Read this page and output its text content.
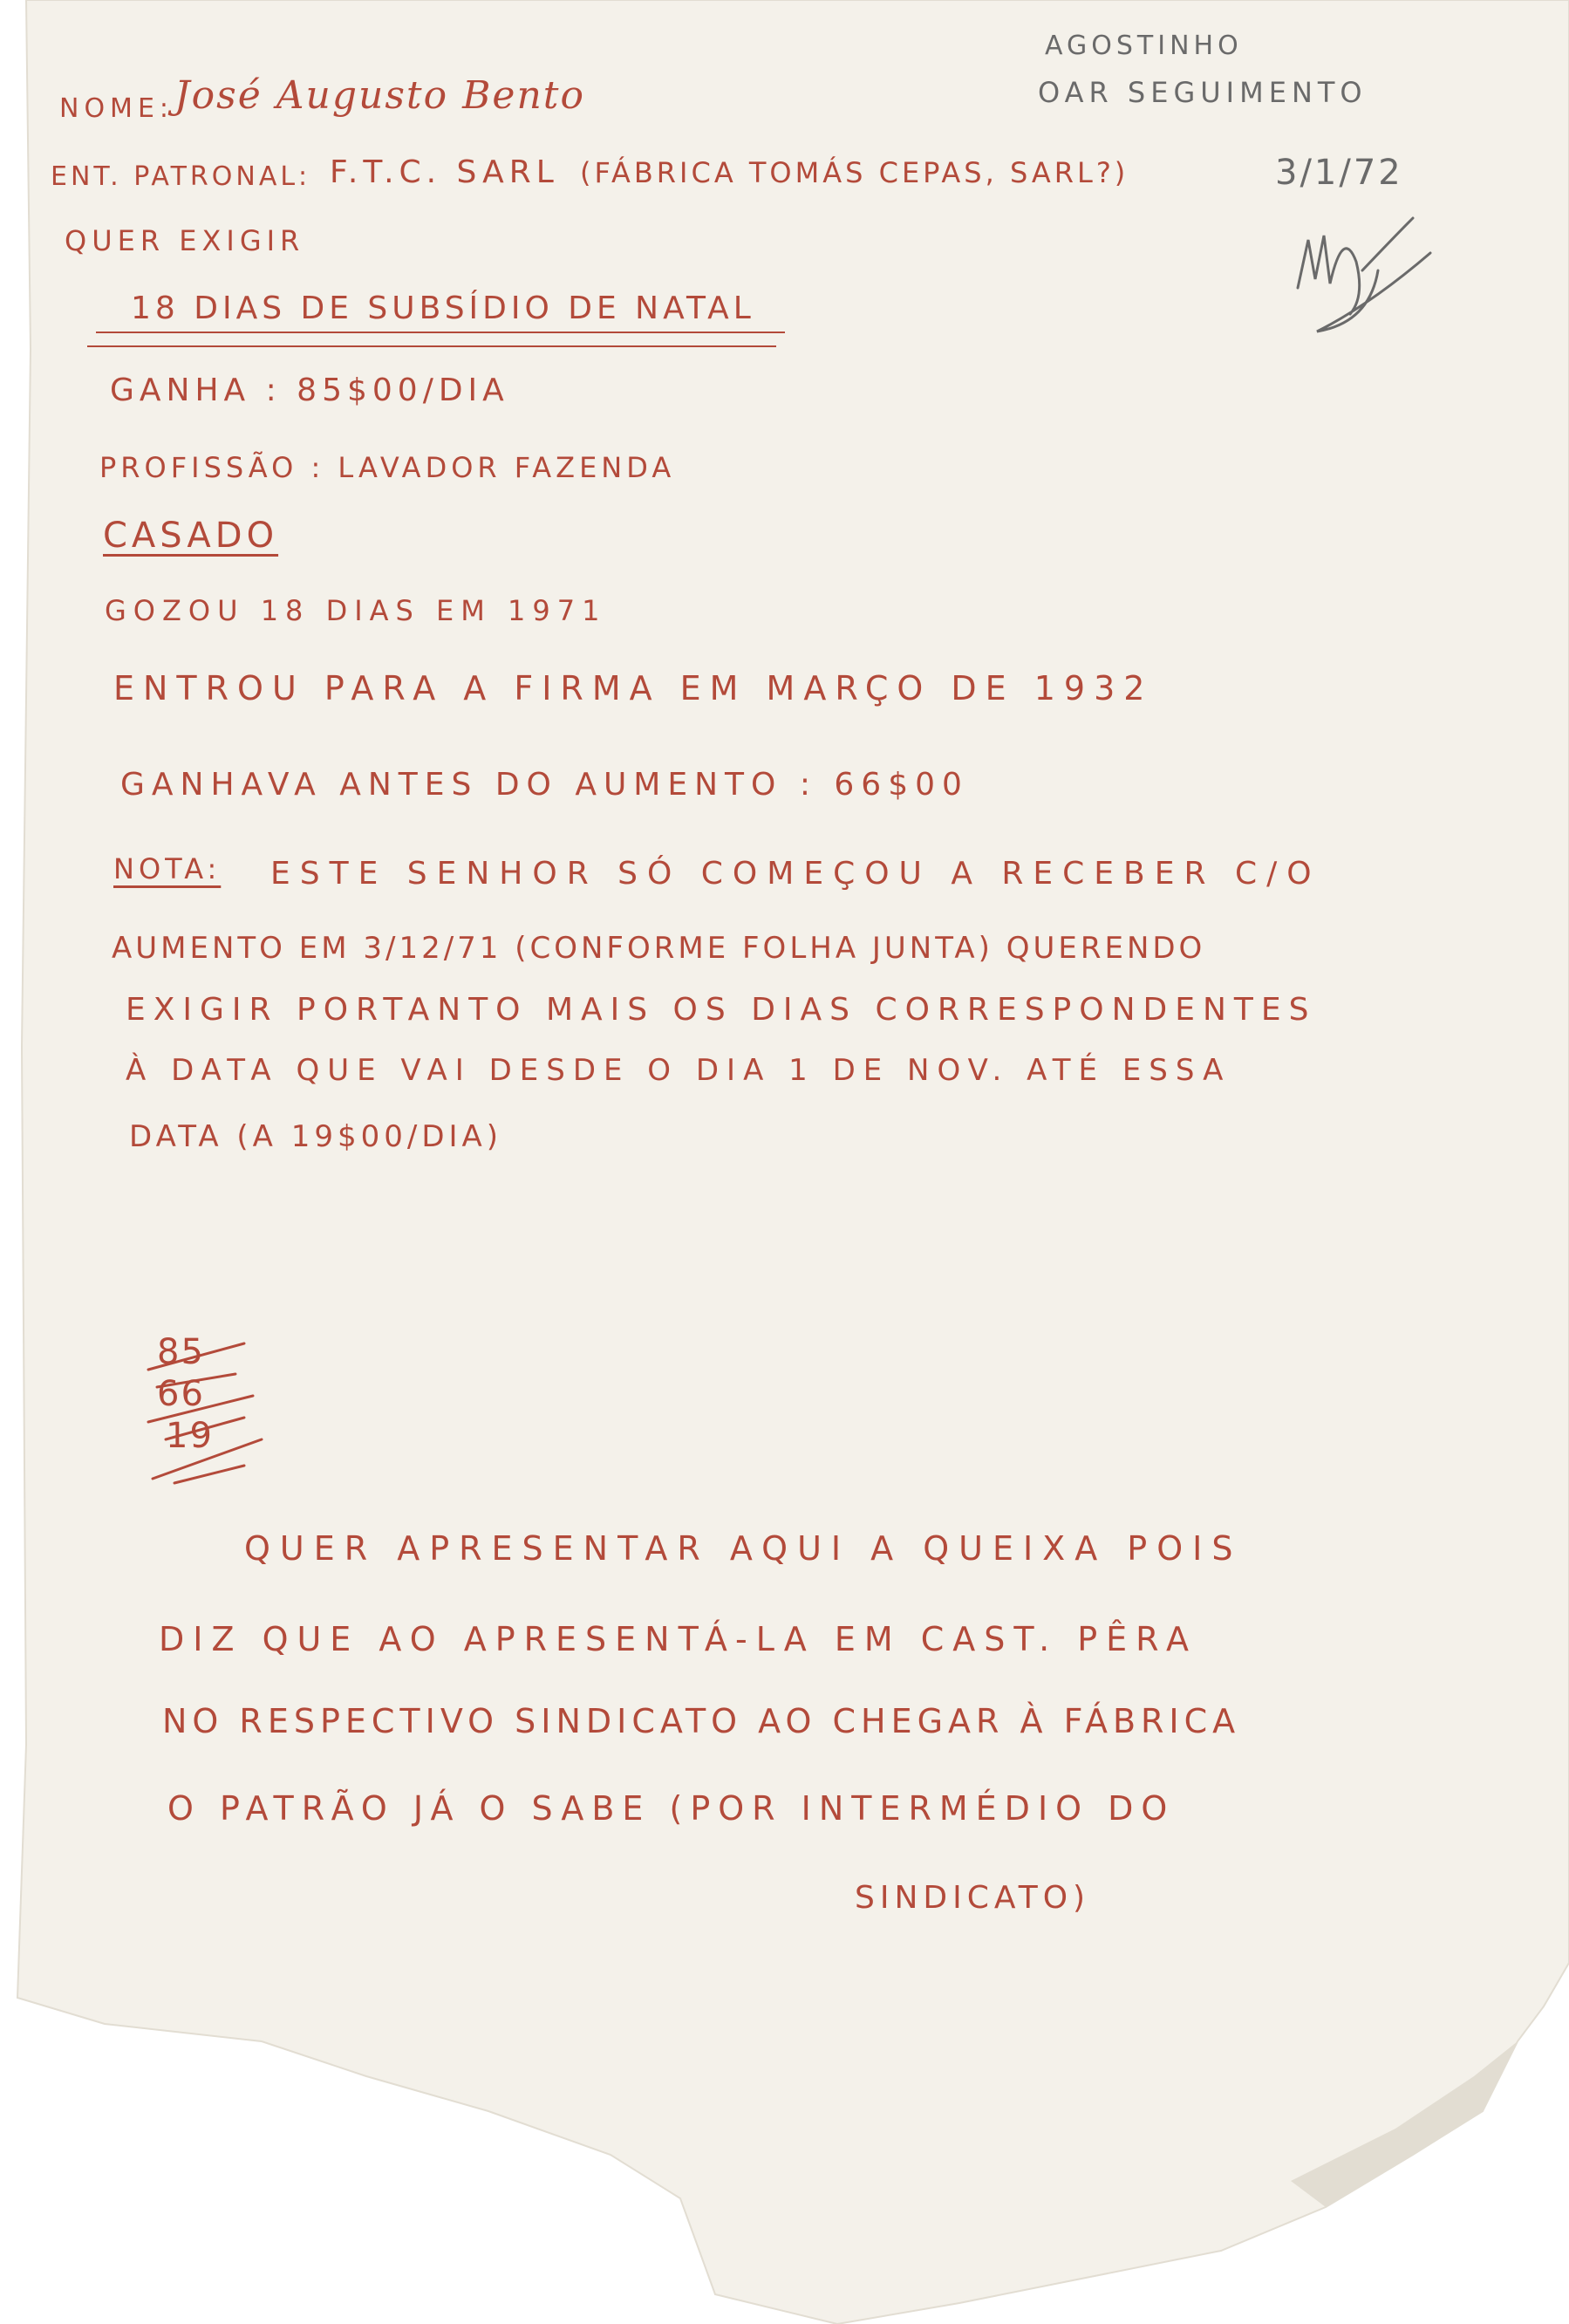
AGOSTINHO
OAR SEGUIMENTO
3/1/72
NOME: José Augusto Bento
ENT. PATRONAL: F.T.C. SARL (FÁBRICA TOMÁS CEPAS, SARL?)
QUER EXIGIR
18 DIAS DE SUBSÍDIO DE NATAL
GANHA : 85$00/DIA
PROFISSÃO : LAVADOR FAZENDA
CASADO
GOZOU 18 DIAS EM 1971
ENTROU PARA A FIRMA EM MARÇO DE 1932
GANHAVA ANTES DO AUMENTO : 66$00
NOTA: ESTE SENHOR SÓ COMEÇOU A RECEBER C/O
AUMENTO EM 3/12/71 (CONFORME FOLHA JUNTA) QUERENDO
EXIGIR PORTANTO MAIS OS DIAS CORRESPONDENTES
À DATA QUE VAI DESDE O DIA 1 DE NOV. ATÉ ESSA
DATA (A 19$00/DIA)
85
66
19
QUER APRESENTAR AQUI A QUEIXA POIS
DIZ QUE AO APRESENTÁ-LA EM CAST. PÊRA
NO RESPECTIVO SINDICATO AO CHEGAR À FÁBRICA
O PATRÃO JÁ O SABE (POR INTERMÉDIO DO
SINDICATO)
